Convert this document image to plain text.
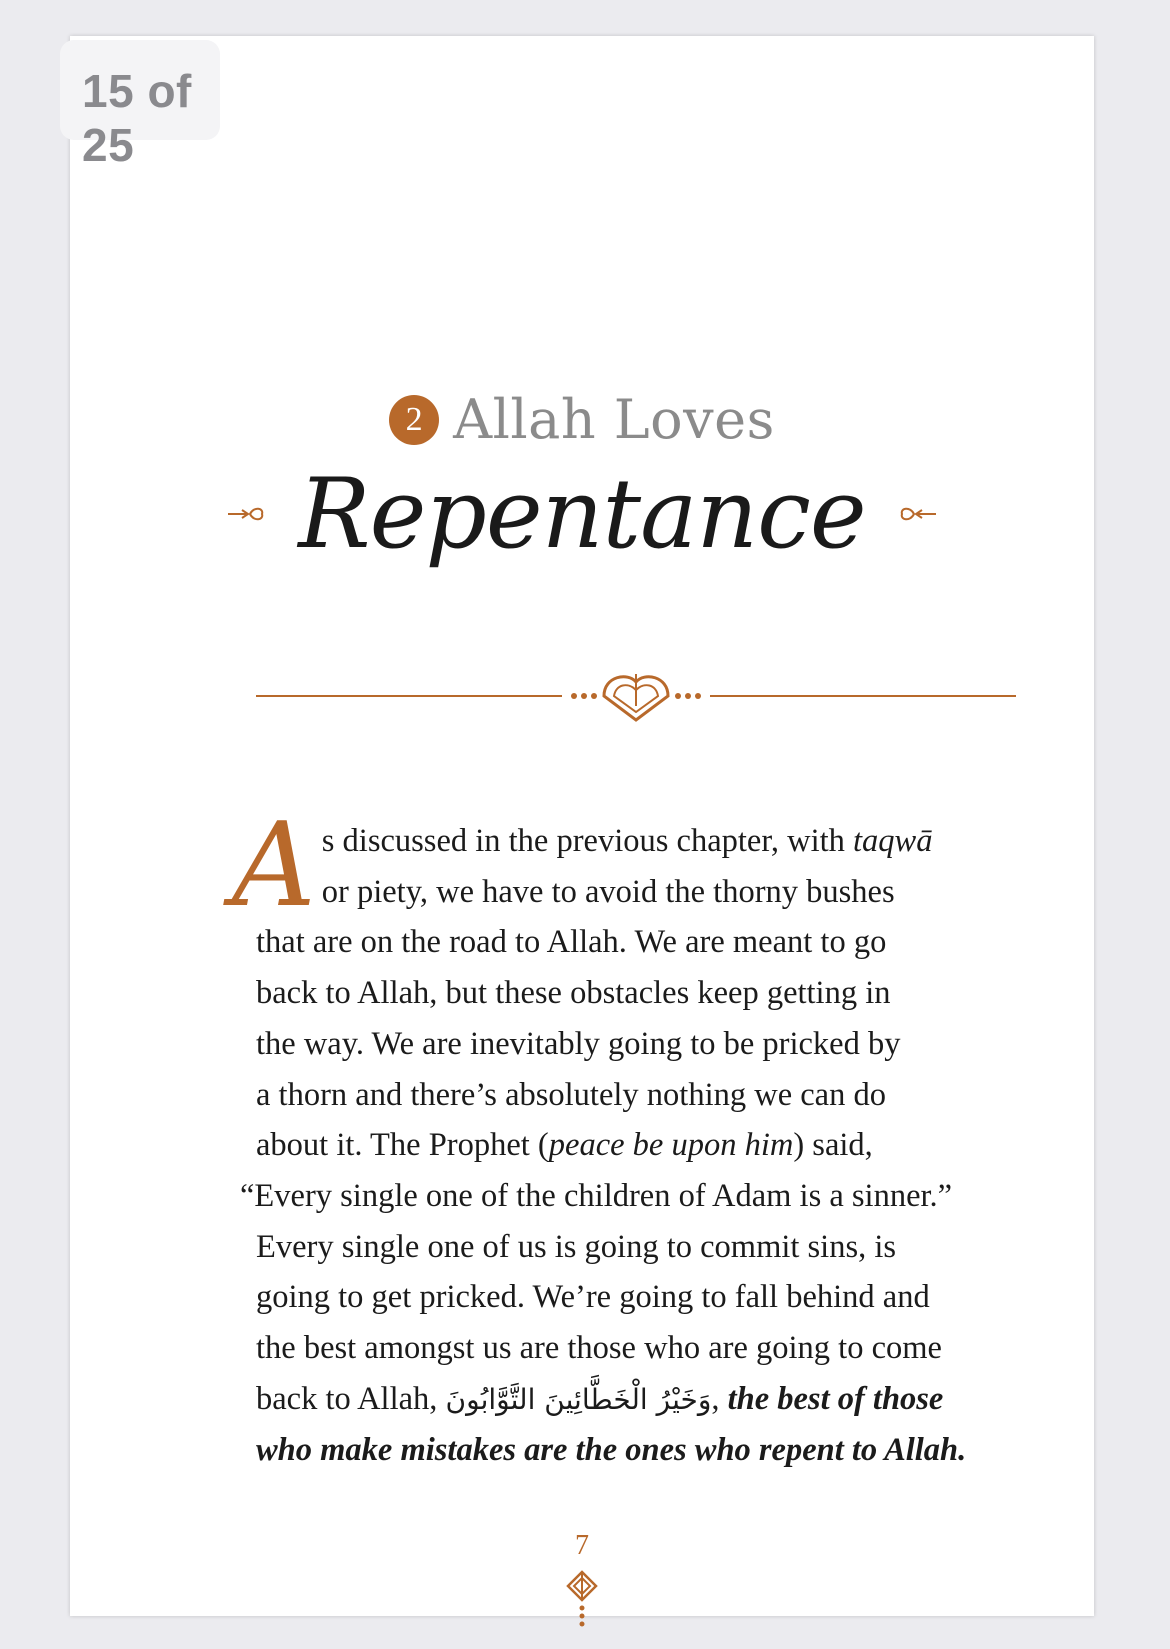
2 Allah Loves
Repentance
A s discussed in the previous chapter, with taqwā
or piety, we have to avoid the thorny bushes
that are on the road to Allah. We are meant to go
back to Allah, but these obstacles keep getting in
the way. We are inevitably going to be pricked by
a thorn and there’s absolutely nothing we can do
about it. The Prophet (peace be upon him) said,
“Every single one of the children of Adam is a sinner.”
Every single one of us is going to commit sins, is
going to get pricked. We’re going to fall behind and
the best amongst us are those who are going to come
back to Allah, وَخَيْرُ الْخَطَّائِينَ التَّوَّابُونَ, the best of those
who make mistakes are the ones who repent to Allah.
7
15 of 25
